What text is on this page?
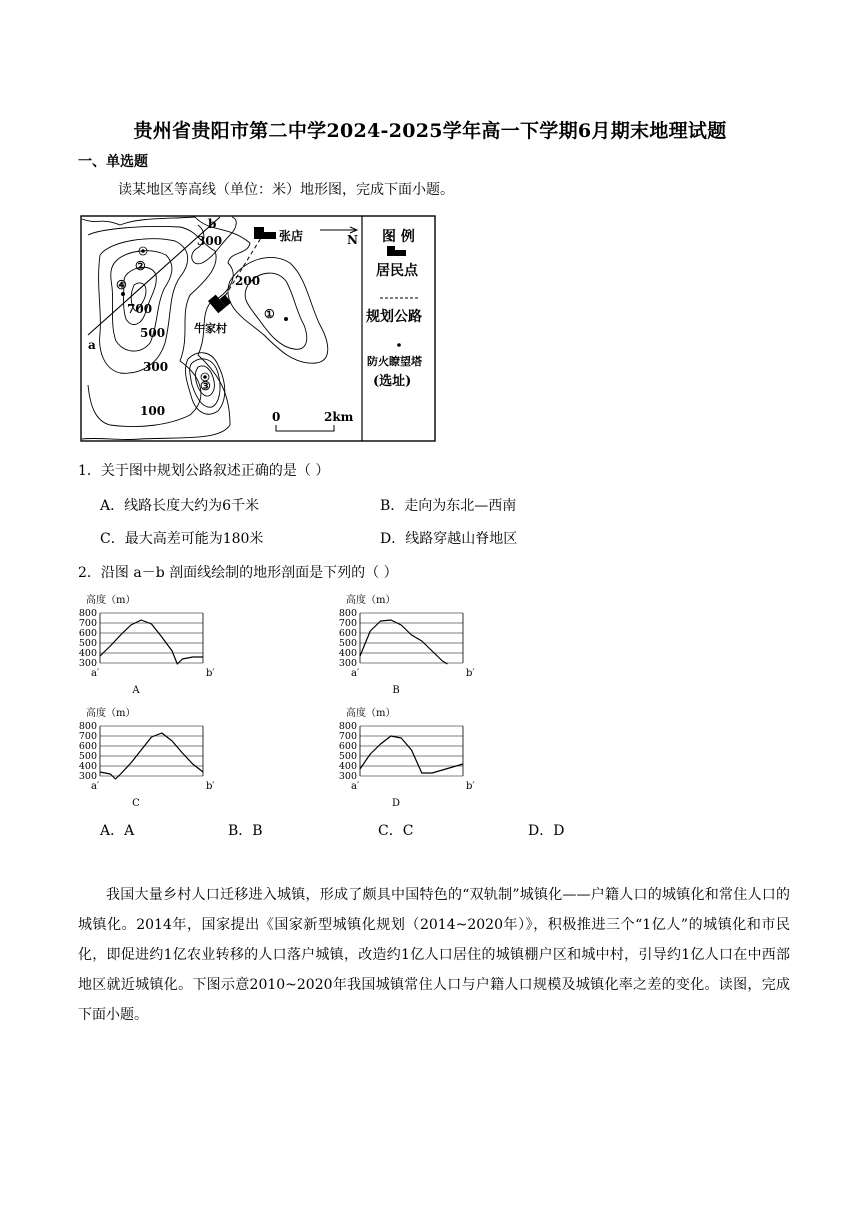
贵州省贵阳市第二中学2024-2025学年高一下学期6月期末地理试题
一、单选题
读某地区等高线（单位：米）地形图，完成下面小题。
b
300	张店	N
②
④	200
700	①
牛家村
500
a
300
③
100	0	2km
图 例
居民点
规划公路
防火瞭望塔
(选址)
1．关于图中规划公路叙述正确的是（ ）
A．线路长度大约为6千米	B．走向为东北—西南
C．最大高差可能为180米	D．线路穿越山脊地区
2．沿图 a－b 剖面线绘制的地形剖面是下列的（ ）
高度（m）
800
700
600
500
400
300
a′	b′
A
高度（m）
800
700
600
500
400
300
a′	b′
B
高度（m）
800
700
600
500
400
300
a′	b′
C
高度（m）
800
700
600
500
400
300
a′	b′
D
A．A	B．B	C．C	D．D

我国大量乡村人口迁移进入城镇，形成了颇具中国特色的“双轨制”城镇化——户籍人口的城镇化和常住人口的城镇化。2014年，国家提出《国家新型城镇化规划（2014~2020年）》，积极推进三个“1亿人”的城镇化和市民化，即促进约1亿农业转移的人口落户城镇，改造约1亿人口居住的城镇棚户区和城中村，引导约1亿人口在中西部地区就近城镇化。下图示意2010~2020年我国城镇常住人口与户籍人口规模及城镇化率之差的变化。读图，完成下面小题。
